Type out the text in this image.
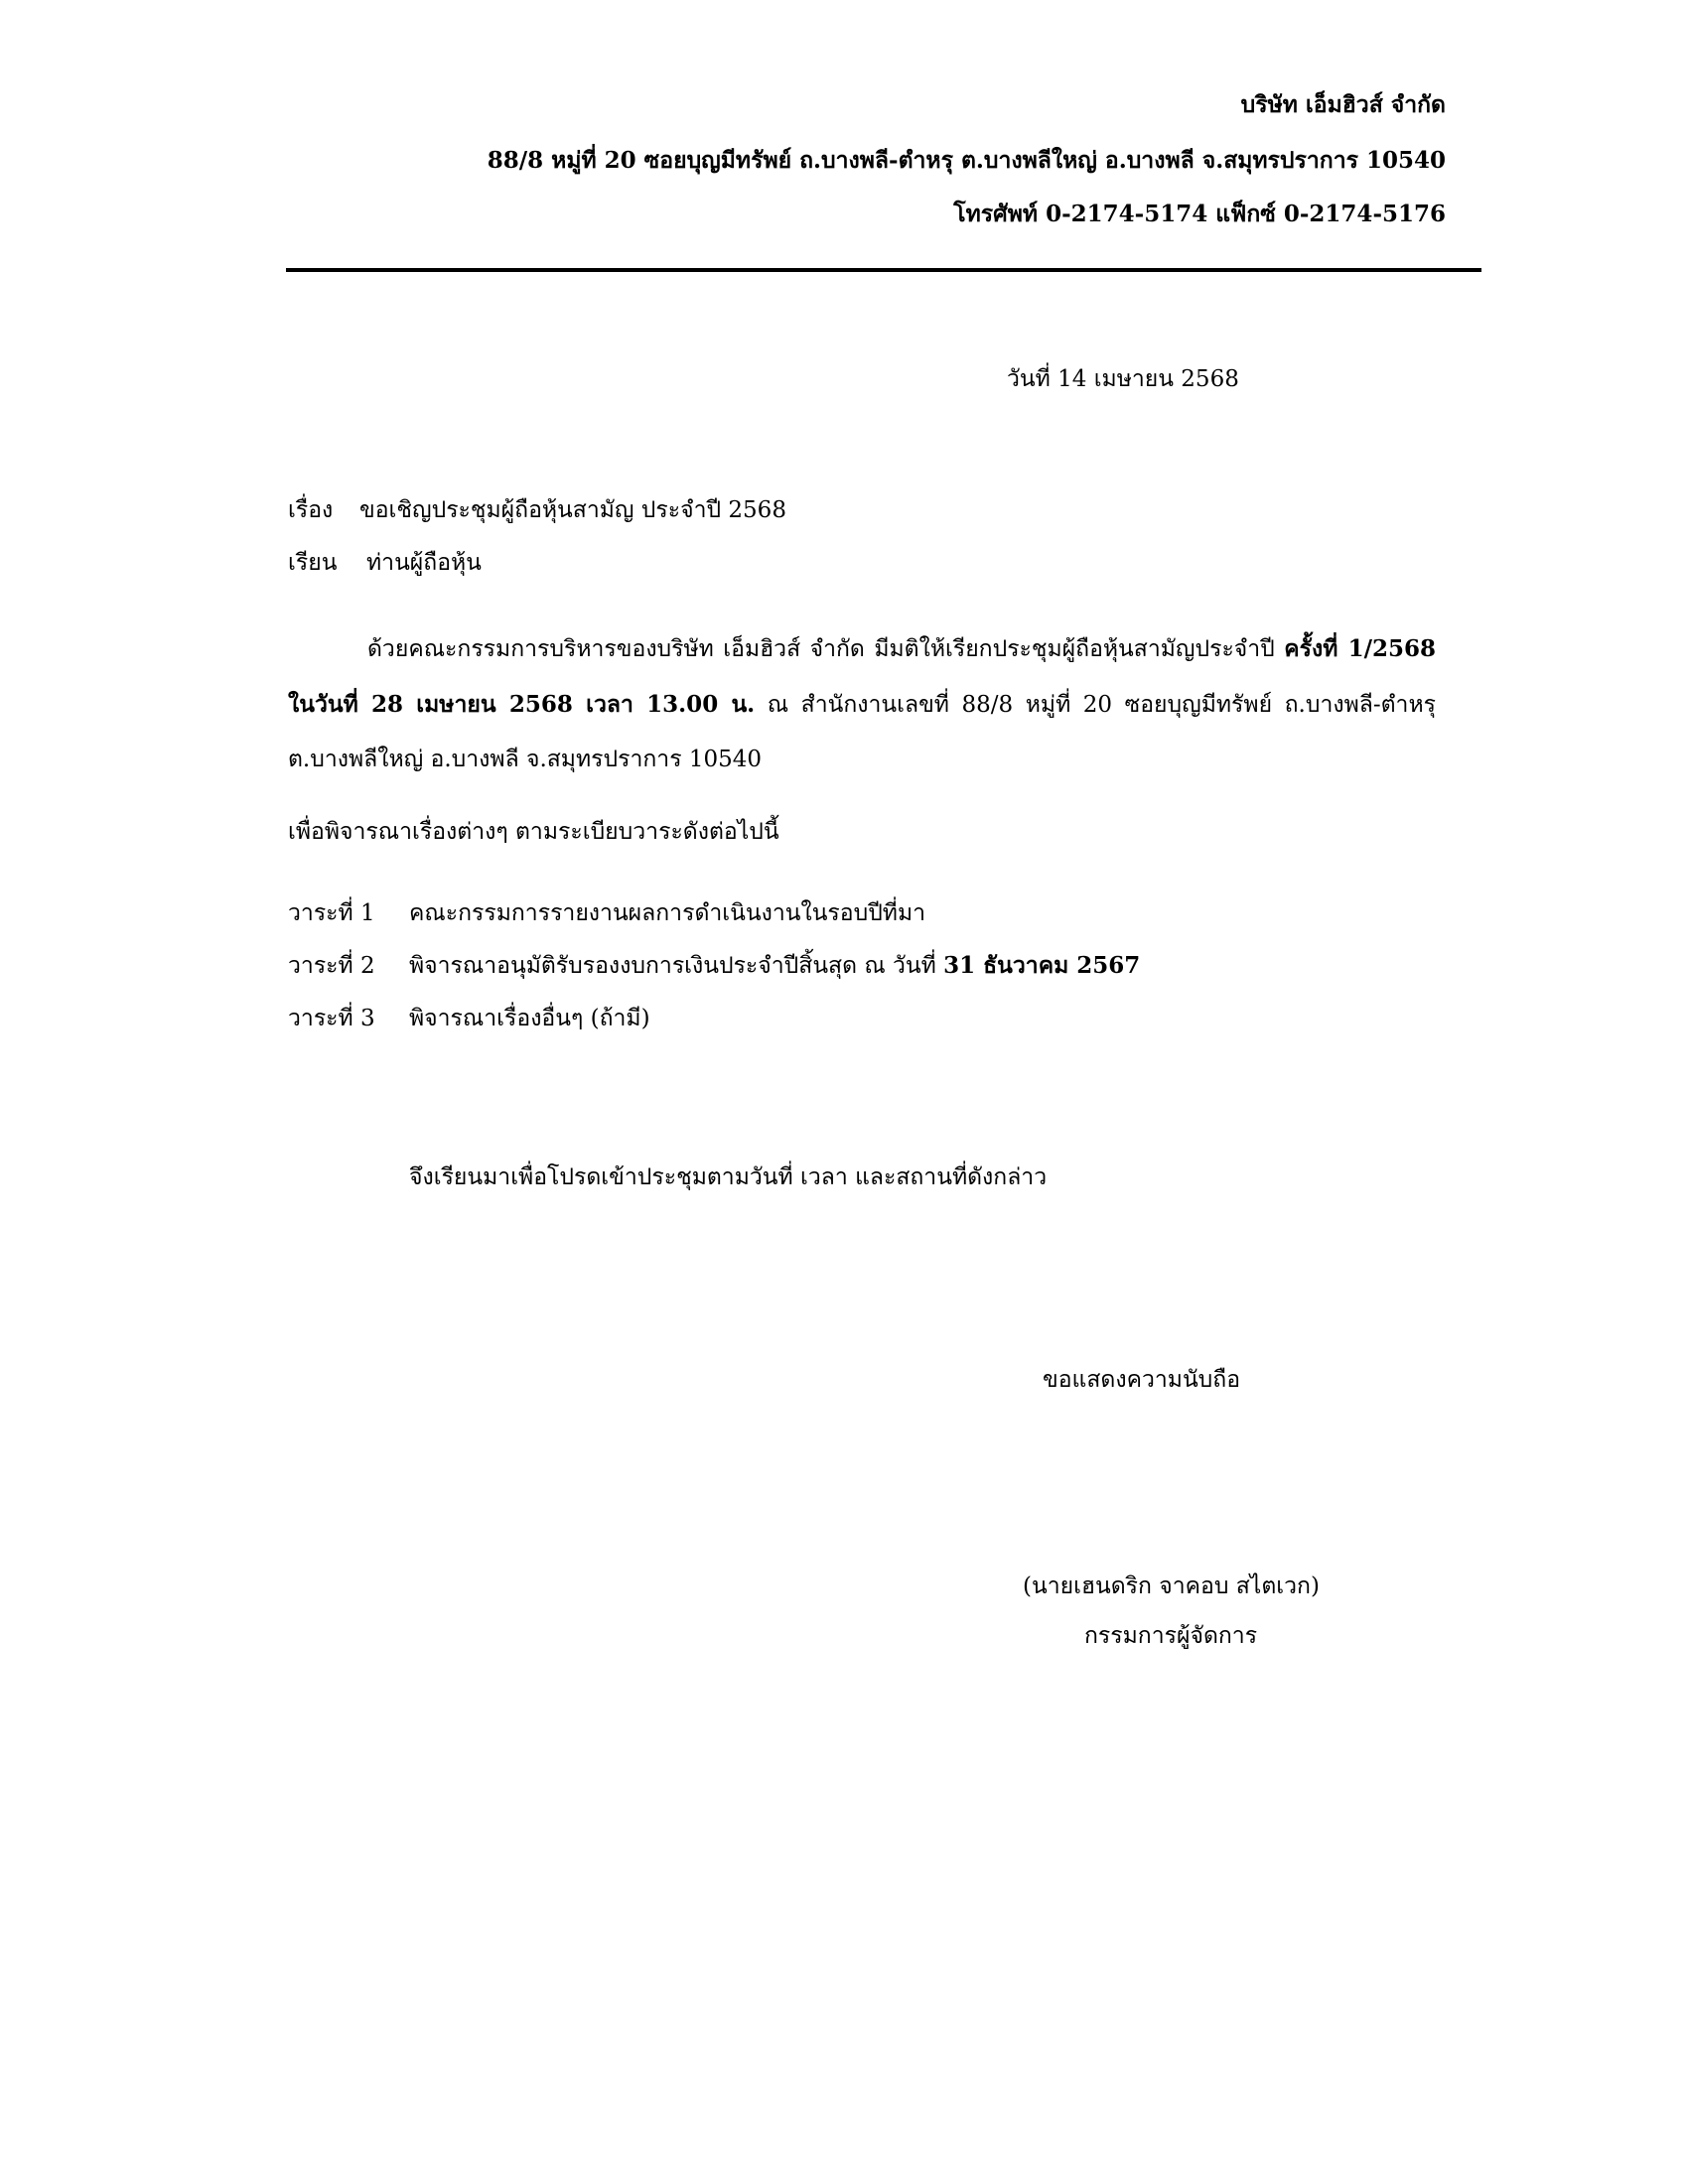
บริษัท เอ็มฮิวส์ จำกัด
88/8 หมู่ที่ 20 ซอยบุญมีทรัพย์ ถ.บางพลี-ตำหรุ ต.บางพลีใหญ่ อ.บางพลี จ.สมุทรปราการ 10540
โทรศัพท์ 0-2174-5174 แฟ็กซ์ 0-2174-5176
วันที่ 14 เมษายน 2568
เรื่อง ขอเชิญประชุมผู้ถือหุ้นสามัญ ประจำปี 2568
เรียน ท่านผู้ถือหุ้น

ด้วยคณะกรรมการบริหารของบริษัท เอ็มฮิวส์ จำกัด มีมติให้เรียกประชุมผู้ถือหุ้นสามัญประจำปี ครั้งที่ 1/2568 ในวันที่ 28 เมษายน 2568 เวลา 13.00 น. ณ สำนักงานเลขที่ 88/8 หมู่ที่ 20 ซอยบุญมีทรัพย์ ถ.บางพลี-ตำหรุ ต.บางพลีใหญ่ อ.บางพลี จ.สมุทรปราการ 10540

เพื่อพิจารณาเรื่องต่างๆ ตามระเบียบวาระดังต่อไปนี้
วาระที่ 1 คณะกรรมการรายงานผลการดำเนินงานในรอบปีที่มา
วาระที่ 2 พิจารณาอนุมัติรับรองงบการเงินประจำปีสิ้นสุด ณ วันที่ 31 ธันวาคม 2567
วาระที่ 3 พิจารณาเรื่องอื่นๆ (ถ้ามี)
จึงเรียนมาเพื่อโปรดเข้าประชุมตามวันที่ เวลา และสถานที่ดังกล่าว
ขอแสดงความนับถือ
(นายเฮนดริก จาคอบ สไตเวก)
กรรมการผู้จัดการ
